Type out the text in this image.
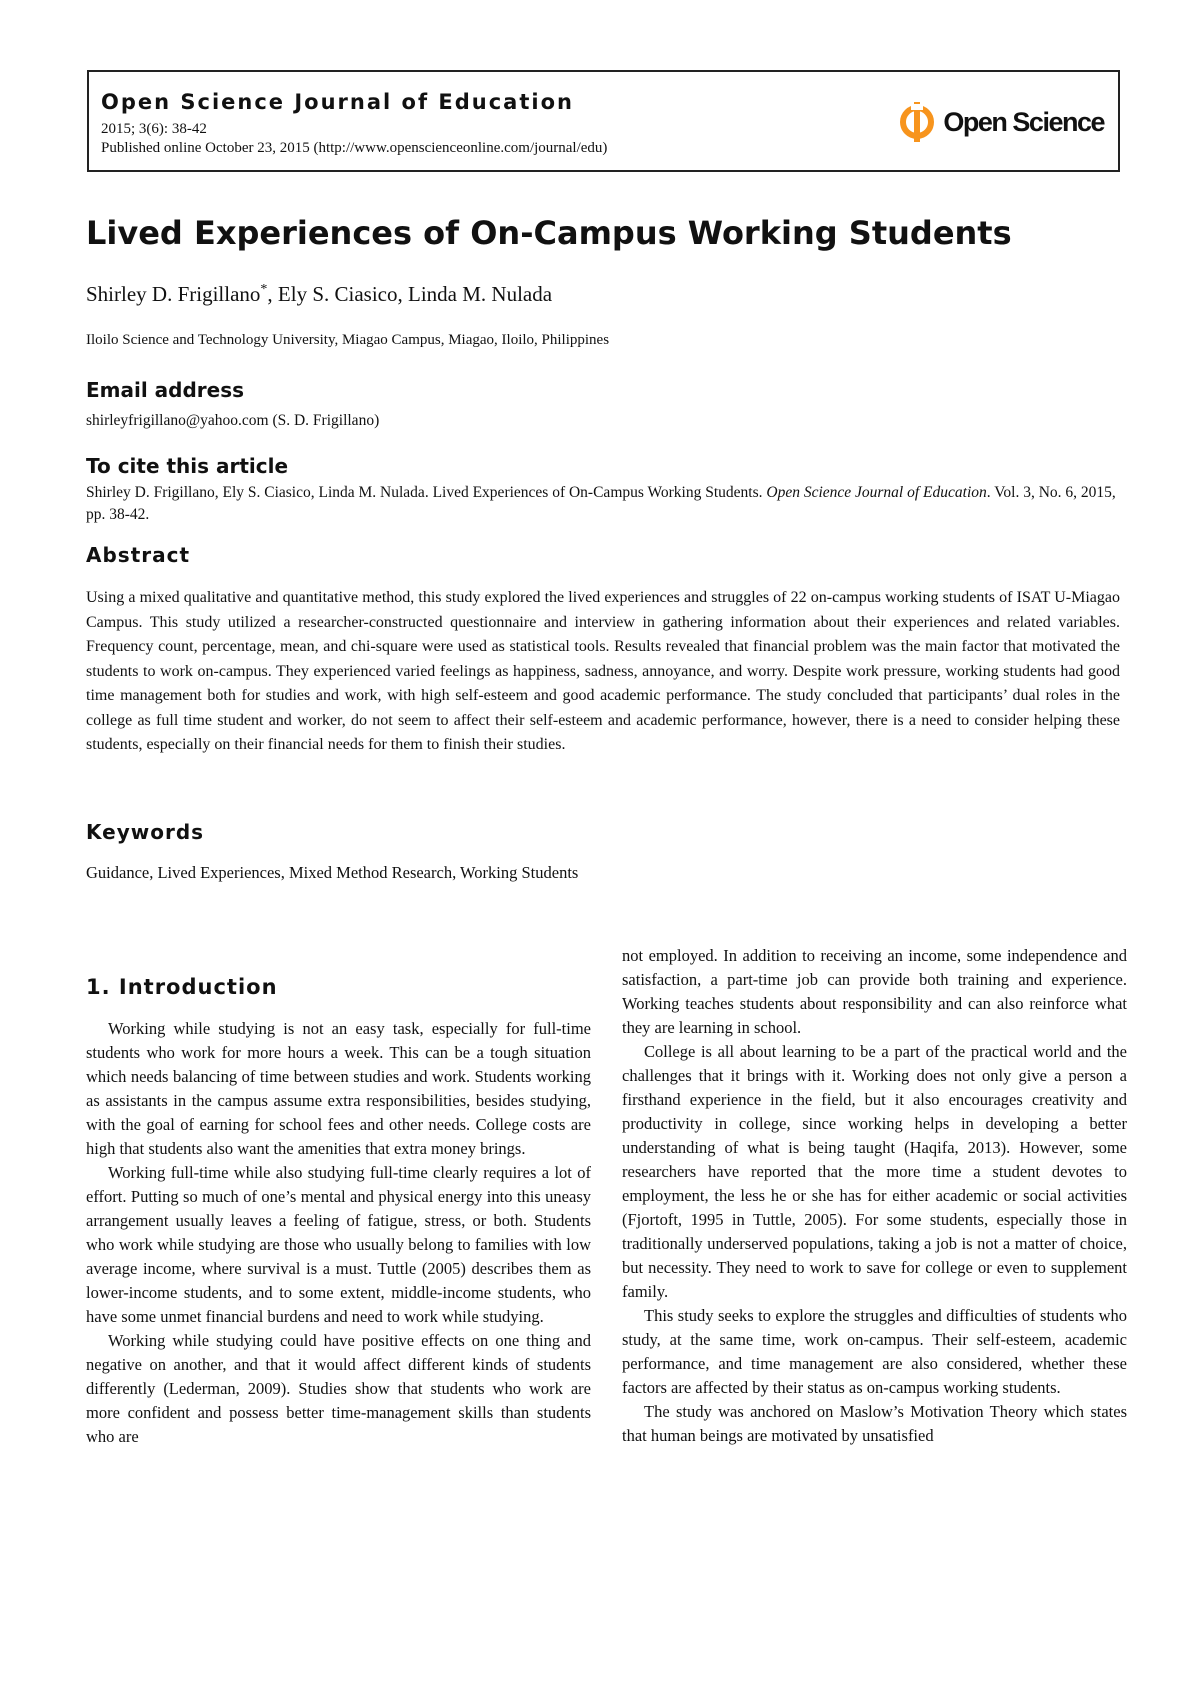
Open Science Journal of Education
2015; 3(6): 38-42
Published online October 23, 2015 (http://www.openscienceonline.com/journal/edu)
Open Science
Lived Experiences of On-Campus Working Students
Shirley D. Frigillano*, Ely S. Ciasico, Linda M. Nulada
Iloilo Science and Technology University, Miagao Campus, Miagao, Iloilo, Philippines
Email address
shirleyfrigillano@yahoo.com (S. D. Frigillano)
To cite this article
Shirley D. Frigillano, Ely S. Ciasico, Linda M. Nulada. Lived Experiences of On-Campus Working Students. Open Science Journal of Education. Vol. 3, No. 6, 2015, pp. 38-42.
Abstract
Using a mixed qualitative and quantitative method, this study explored the lived experiences and struggles of 22 on-campus working students of ISAT U-Miagao Campus. This study utilized a researcher-constructed questionnaire and interview in gathering information about their experiences and related variables. Frequency count, percentage, mean, and chi-square were used as statistical tools. Results revealed that financial problem was the main factor that motivated the students to work on-campus. They experienced varied feelings as happiness, sadness, annoyance, and worry. Despite work pressure, working students had good time management both for studies and work, with high self-esteem and good academic performance. The study concluded that participants’ dual roles in the college as full time student and worker, do not seem to affect their self-esteem and academic performance, however, there is a need to consider helping these students, especially on their financial needs for them to finish their studies.
Keywords
Guidance, Lived Experiences, Mixed Method Research, Working Students
1. Introduction

Working while studying is not an easy task, especially for full-time students who work for more hours a week. This can be a tough situation which needs balancing of time between studies and work. Students working as assistants in the campus assume extra responsibilities, besides studying, with the goal of earning for school fees and other needs. College costs are high that students also want the amenities that extra money brings.

Working full-time while also studying full-time clearly requires a lot of effort. Putting so much of one’s mental and physical energy into this uneasy arrangement usually leaves a feeling of fatigue, stress, or both. Students who work while studying are those who usually belong to families with low average income, where survival is a must. Tuttle (2005) describes them as lower-income students, and to some extent, middle-income students, who have some unmet financial burdens and need to work while studying.

Working while studying could have positive effects on one thing and negative on another, and that it would affect different kinds of students differently (Lederman, 2009). Studies show that students who work are more confident and possess better time-management skills than students who are

not employed. In addition to receiving an income, some independence and satisfaction, a part-time job can provide both training and experience. Working teaches students about responsibility and can also reinforce what they are learning in school.

College is all about learning to be a part of the practical world and the challenges that it brings with it. Working does not only give a person a firsthand experience in the field, but it also encourages creativity and productivity in college, since working helps in developing a better understanding of what is being taught (Haqifa, 2013). However, some researchers have reported that the more time a student devotes to employment, the less he or she has for either academic or social activities (Fjortoft, 1995 in Tuttle, 2005). For some students, especially those in traditionally underserved populations, taking a job is not a matter of choice, but necessity. They need to work to save for college or even to supplement family.

This study seeks to explore the struggles and difficulties of students who study, at the same time, work on-campus. Their self-esteem, academic performance, and time management are also considered, whether these factors are affected by their status as on-campus working students.

The study was anchored on Maslow’s Motivation Theory which states that human beings are motivated by unsatisfied
